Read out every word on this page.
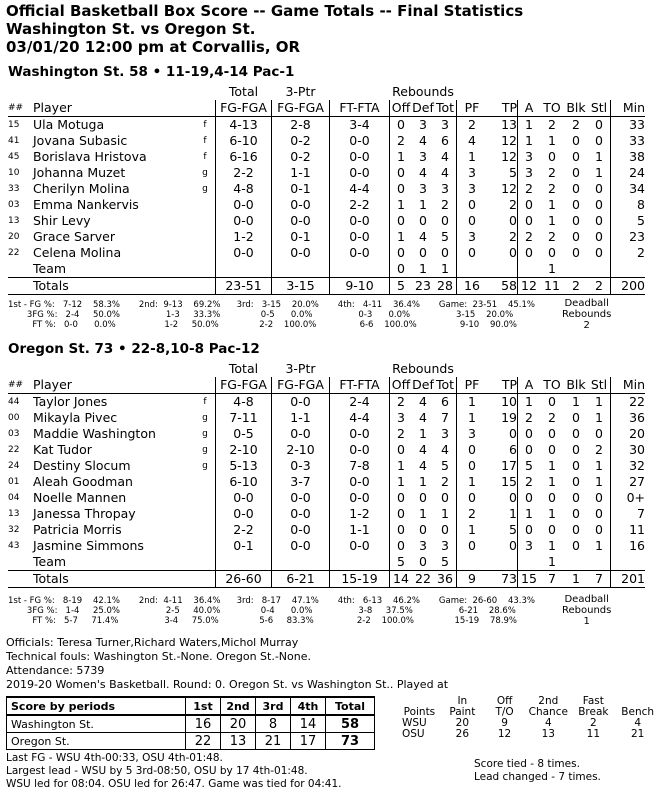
Official Basketball Box Score -- Game Totals -- Final Statistics
Washington St. vs Oregon St.
03/01/20 12:00 pm at Corvallis, OR
Washington St. 58 • 11-19,4-14 Pac-1
			Total	3-Ptr		Rebounds									
##	Player		FG-FGA	FG-FGA	FT-FTA	Off	Def	Tot	PF	TP	A	TO	Blk	Stl	Min
15	Ula Motuga	f	4-13	2-8	3-4	0	3	3	2	13	1	2	2	0	33
41	Jovana Subasic	f	6-10	0-2	0-0	2	4	6	4	12	1	1	0	0	33
45	Borislava Hristova	f	6-16	0-2	0-0	1	3	4	1	12	3	0	0	1	38
10	Johanna Muzet	g	2-2	1-1	0-0	0	4	4	3	5	3	2	0	1	24
33	Cherilyn Molina	g	4-8	0-1	4-4	0	3	3	3	12	2	2	0	0	34
03	Emma Nankervis		0-0	0-0	2-2	1	1	2	0	2	0	1	0	0	8
13	Shir Levy		0-0	0-0	0-0	0	0	0	0	0	0	1	0	0	5
20	Grace Sarver		1-2	0-1	0-0	1	4	5	3	2	2	2	0	0	23
22	Celena Molina		0-0	0-0	0-0	0	0	0	0	0	0	0	0	0	2
	Team					0	1	1				1			
	Totals		23-51	3-15	9-10	5	23	28	16	58	12	11	2	2	200
1st - FG %:   7-12    58.3%       2nd:  9-13    69.2%      3rd:   3-15    20.0%       4th:   4-11    36.4%       Game:  23-51    45.1%
3FG %:   2-4     50.0%                 1-3     33.3%               0-5      0.0%                 0-3      0.0%                 3-15    20.0%
FT %:   0-0      0.0%                  1-2     50.0%               2-2    100.0%                6-6    100.0%                9-10    90.0%
Deadball
Rebounds
2
Oregon St. 73 • 22-8,10-8 Pac-12
			Total	3-Ptr		Rebounds									
##	Player		FG-FGA	FG-FGA	FT-FTA	Off	Def	Tot	PF	TP	A	TO	Blk	Stl	Min
44	Taylor Jones	f	4-8	0-0	2-4	2	4	6	1	10	1	0	1	1	22
00	Mikayla Pivec	g	7-11	1-1	4-4	3	4	7	1	19	2	2	0	1	36
03	Maddie Washington	g	0-5	0-0	0-0	2	1	3	3	0	0	0	0	0	20
22	Kat Tudor	g	2-10	2-10	0-0	0	4	4	0	6	0	0	0	2	30
24	Destiny Slocum	g	5-13	0-3	7-8	1	4	5	0	17	5	1	0	1	32
01	Aleah Goodman		6-10	3-7	0-0	1	1	2	1	15	2	1	0	1	27
04	Noelle Mannen		0-0	0-0	0-0	0	0	0	0	0	0	0	0	0	0+
13	Janessa Thropay		0-0	0-0	1-2	0	1	1	2	1	1	1	0	0	7
32	Patricia Morris		2-2	0-0	1-1	0	0	0	1	5	0	0	0	0	11
43	Jasmine Simmons		0-1	0-0	0-0	0	3	3	0	0	3	1	0	1	16
	Team					5	0	5				1			
	Totals		26-60	6-21	15-19	14	22	36	9	73	15	7	1	7	201
1st - FG %:   8-19    42.1%       2nd:  4-11    36.4%      3rd:   8-17    47.1%       4th:   6-13    46.2%       Game:  26-60    43.3%
3FG %:   1-4     25.0%                 2-5     40.0%               0-4      0.0%                 3-8     37.5%                 6-21    28.6%
FT %:   5-7     71.4%                 3-4     75.0%               5-6     83.3%                2-2    100.0%               15-19    78.9%
Deadball
Rebounds
1
Officials: Teresa Turner,Richard Waters,Michol Murray
Technical fouls: Washington St.-None. Oregon St.-None.
Attendance: 5739
2019-20 Women's Basketball. Round: 0. Oregon St. vs Washington St.. Played at
Score by periods	1st	2nd	3rd	4th	Total
Washington St.	16	20	8	14	58
Oregon St.	22	13	21	17	73
	In	Off	2nd	Fast	
Points	Paint	T/O	Chance	Break	Bench
WSU	20	9	4	2	4
OSU	26	12	13	11	21
Last FG - WSU 4th-00:33, OSU 4th-01:48.
Largest lead - WSU by 5 3rd-08:50, OSU by 17 4th-01:48.
WSU led for 08:04. OSU led for 26:47. Game was tied for 04:41.
Score tied - 8 times.
Lead changed - 7 times.
